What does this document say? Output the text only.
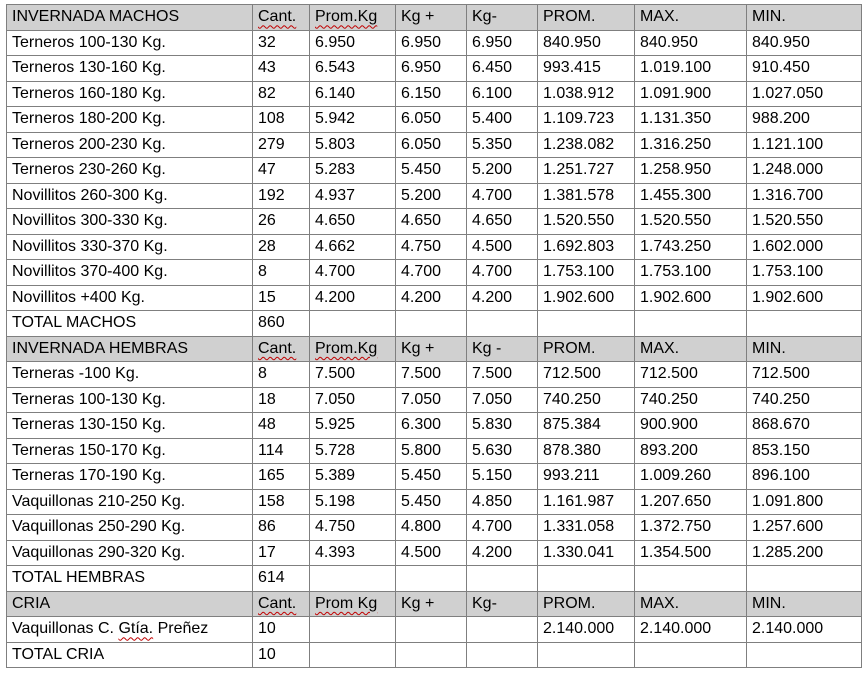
INVERNADA MACHOS	Cant.	Prom.Kg	Kg +	Kg-	PROM.	MAX.	MIN.
Terneros 100-130 Kg.	32	6.950	6.950	6.950	840.950	840.950	840.950
Terneros 130-160 Kg.	43	6.543	6.950	6.450	993.415	1.019.100	910.450
Terneros 160-180 Kg.	82	6.140	6.150	6.100	1.038.912	1.091.900	1.027.050
Terneros 180-200 Kg.	108	5.942	6.050	5.400	1.109.723	1.131.350	988.200
Terneros 200-230 Kg.	279	5.803	6.050	5.350	1.238.082	1.316.250	1.121.100
Terneros 230-260 Kg.	47	5.283	5.450	5.200	1.251.727	1.258.950	1.248.000
Novillitos 260-300 Kg.	192	4.937	5.200	4.700	1.381.578	1.455.300	1.316.700
Novillitos 300-330 Kg.	26	4.650	4.650	4.650	1.520.550	1.520.550	1.520.550
Novillitos 330-370 Kg.	28	4.662	4.750	4.500	1.692.803	1.743.250	1.602.000
Novillitos 370-400 Kg.	8	4.700	4.700	4.700	1.753.100	1.753.100	1.753.100
Novillitos +400 Kg.	15	4.200	4.200	4.200	1.902.600	1.902.600	1.902.600
TOTAL MACHOS	860						
INVERNADA HEMBRAS	Cant.	Prom.Kg	Kg +	Kg -	PROM.	MAX.	MIN.
Terneras -100 Kg.	8	7.500	7.500	7.500	712.500	712.500	712.500
Terneras 100-130 Kg.	18	7.050	7.050	7.050	740.250	740.250	740.250
Terneras 130-150 Kg.	48	5.925	6.300	5.830	875.384	900.900	868.670
Terneras 150-170 Kg.	114	5.728	5.800	5.630	878.380	893.200	853.150
Terneras 170-190 Kg.	165	5.389	5.450	5.150	993.211	1.009.260	896.100
Vaquillonas 210-250 Kg.	158	5.198	5.450	4.850	1.161.987	1.207.650	1.091.800
Vaquillonas 250-290 Kg.	86	4.750	4.800	4.700	1.331.058	1.372.750	1.257.600
Vaquillonas 290-320 Kg.	17	4.393	4.500	4.200	1.330.041	1.354.500	1.285.200
TOTAL HEMBRAS	614						
CRIA	Cant.	Prom Kg	Kg +	Kg-	PROM.	MAX.	MIN.
Vaquillonas C. Gtía. Preñez	10				2.140.000	2.140.000	2.140.000
TOTAL CRIA	10						
